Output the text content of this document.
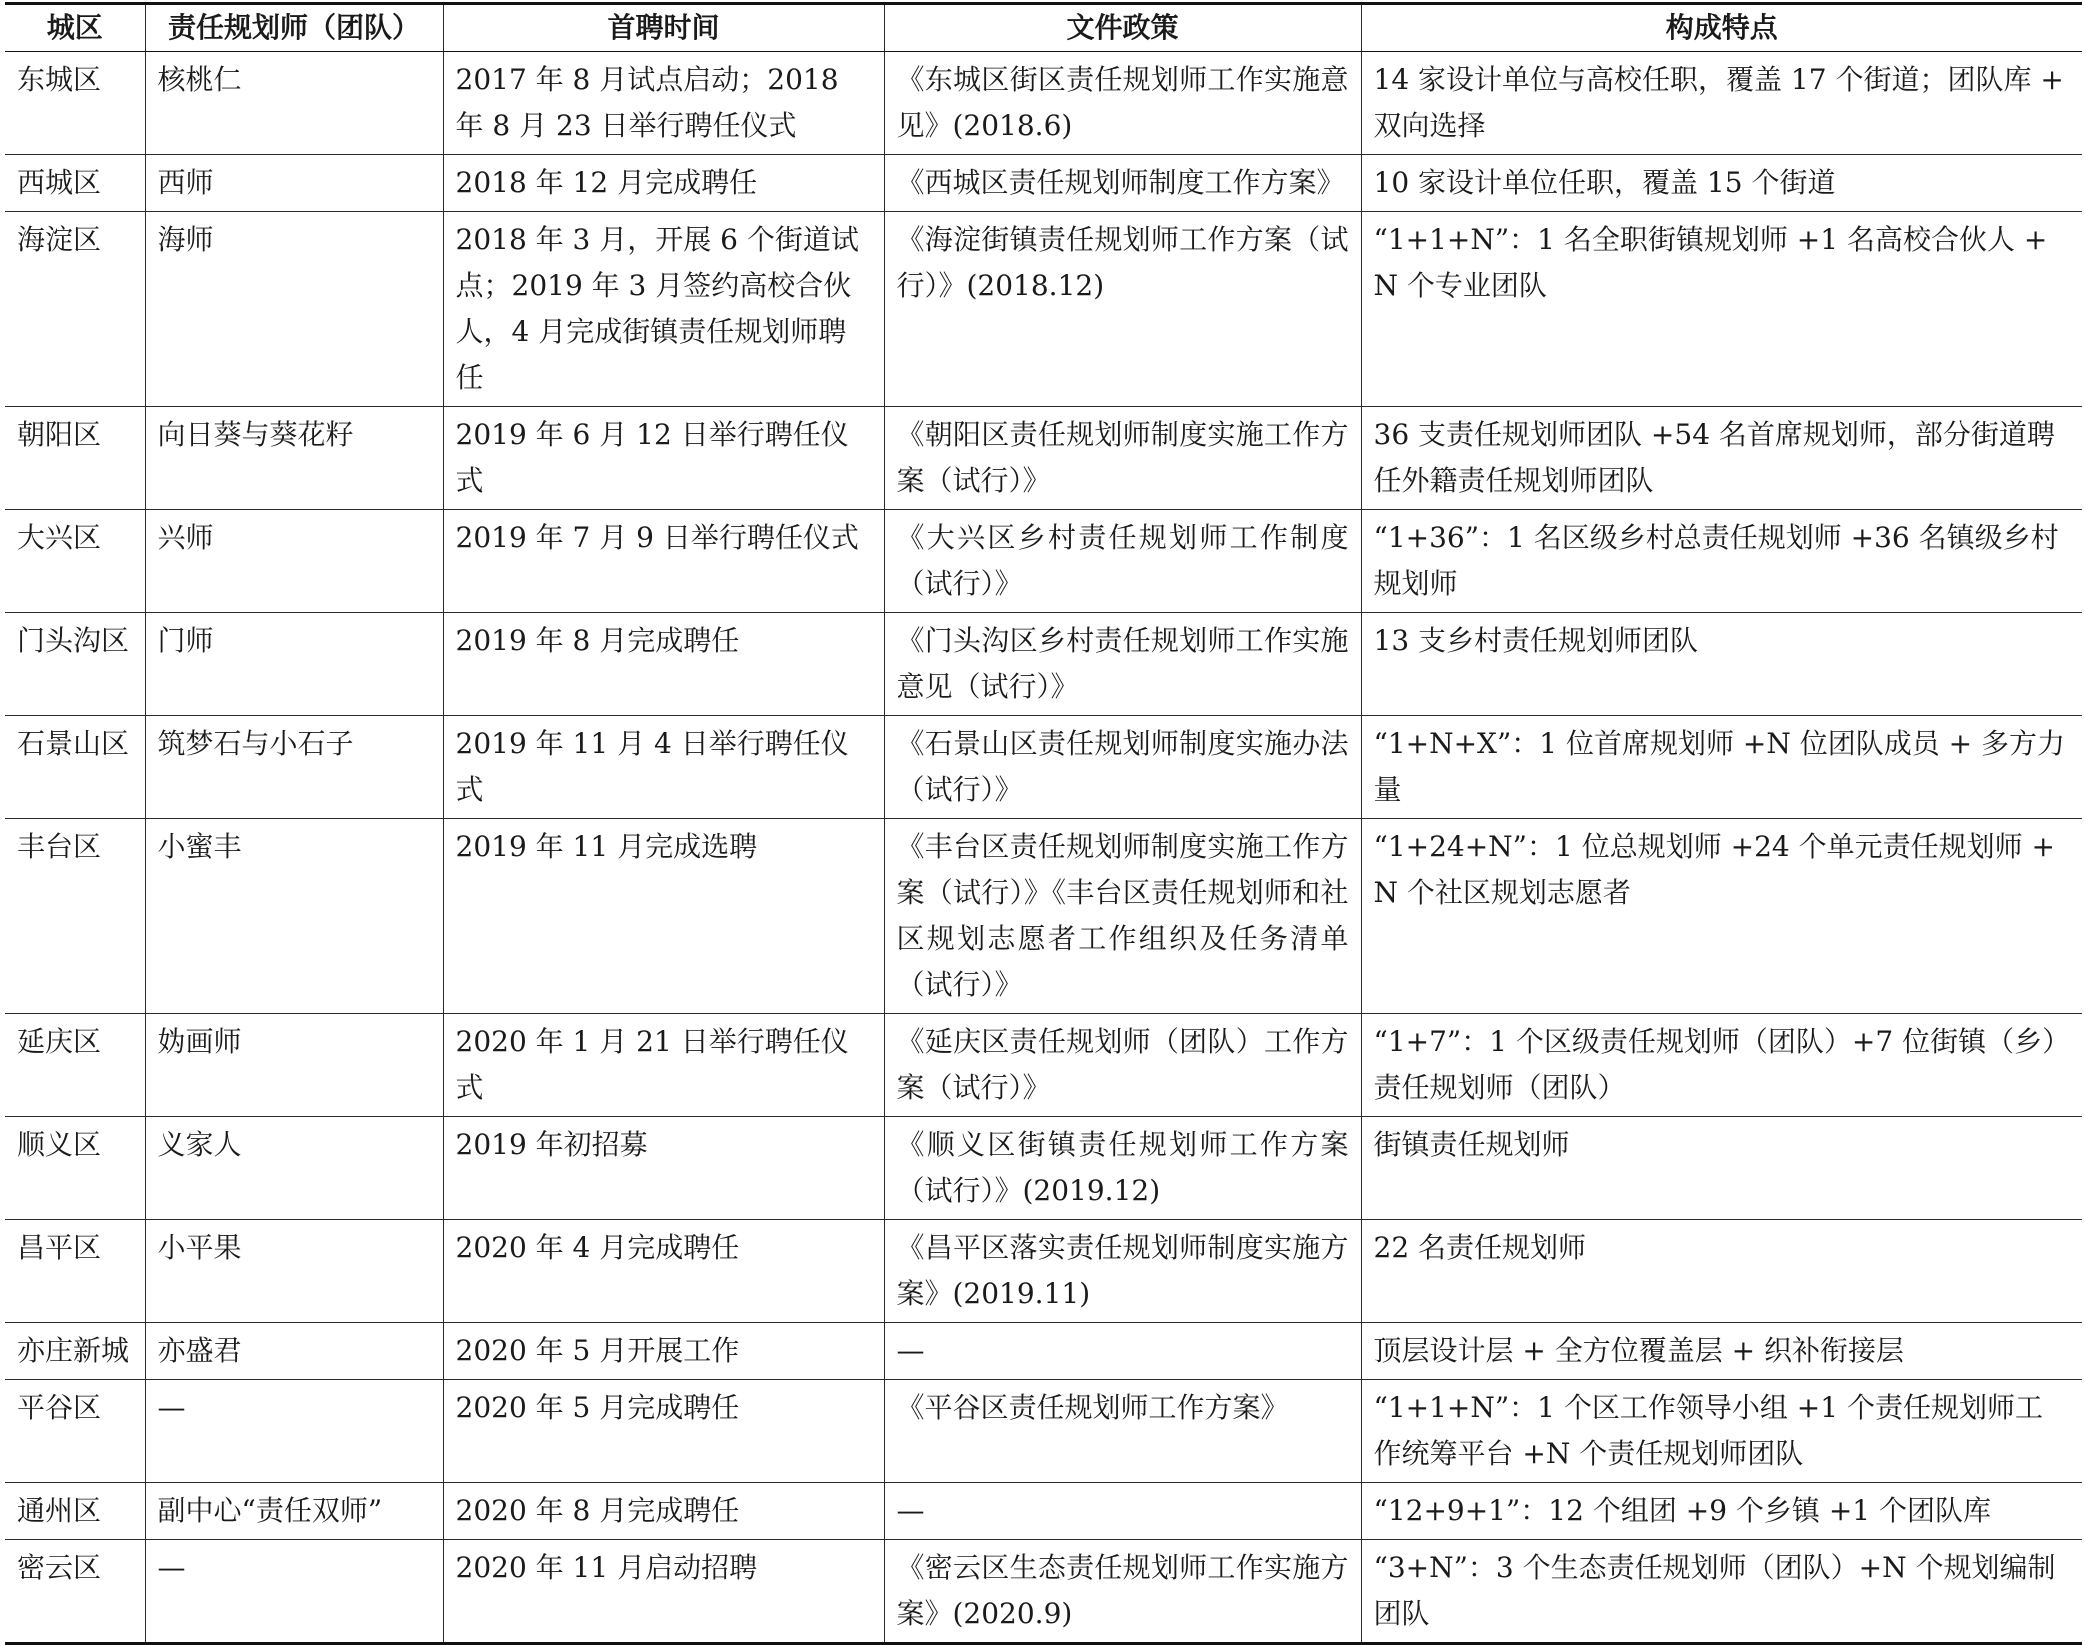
城区	责任规划师（团队）	首聘时间	文件政策	构成特点
东城区	核桃仁	2017 年 8 月试点启动；2018 年 8 月 23 日举行聘任仪式	《东城区街区责任规划师工作实施意见》(2018.6)	14 家设计单位与高校任职，覆盖 17 个街道；团队库 + 双向选择
西城区	西师	2018 年 12 月完成聘任	《西城区责任规划师制度工作方案》	10 家设计单位任职，覆盖 15 个街道
海淀区	海师	2018 年 3 月，开展 6 个街道试点；2019 年 3 月签约高校合伙人，4 月完成街镇责任规划师聘任	《海淀街镇责任规划师工作方案（试行）》(2018.12)	“1+1+N”：1 名全职街镇规划师 +1 名高校合伙人 +N 个专业团队
朝阳区	向日葵与葵花籽	2019 年 6 月 12 日举行聘任仪式	《朝阳区责任规划师制度实施工作方案（试行）》	36 支责任规划师团队 +54 名首席规划师，部分街道聘任外籍责任规划师团队
大兴区	兴师	2019 年 7 月 9 日举行聘任仪式	《大兴区乡村责任规划师工作制度（试行）》	“1+36”：1 名区级乡村总责任规划师 +36 名镇级乡村规划师
门头沟区	门师	2019 年 8 月完成聘任	《门头沟区乡村责任规划师工作实施意见（试行）》	13 支乡村责任规划师团队
石景山区	筑梦石与小石子	2019 年 11 月 4 日举行聘任仪式	《石景山区责任规划师制度实施办法（试行）》	“1+N+X”：1 位首席规划师 +N 位团队成员 + 多方力量
丰台区	小蜜丰	2019 年 11 月完成选聘	《丰台区责任规划师制度实施工作方案（试行）》《丰台区责任规划师和社区规划志愿者工作组织及任务清单（试行）》	“1+24+N”：1 位总规划师 +24 个单元责任规划师 +N 个社区规划志愿者
延庆区	妫画师	2020 年 1 月 21 日举行聘任仪式	《延庆区责任规划师（团队）工作方案（试行）》	“1+7”：1 个区级责任规划师（团队）+7 位街镇（乡）责任规划师（团队）
顺义区	义家人	2019 年初招募	《顺义区街镇责任规划师工作方案（试行）》(2019.12)	街镇责任规划师
昌平区	小平果	2020 年 4 月完成聘任	《昌平区落实责任规划师制度实施方案》(2019.11)	22 名责任规划师
亦庄新城	亦盛君	2020 年 5 月开展工作	—	顶层设计层 + 全方位覆盖层 + 织补衔接层
平谷区	—	2020 年 5 月完成聘任	《平谷区责任规划师工作方案》	“1+1+N”：1 个区工作领导小组 +1 个责任规划师工作统筹平台 +N 个责任规划师团队
通州区	副中心“责任双师”	2020 年 8 月完成聘任	—	“12+9+1”：12 个组团 +9 个乡镇 +1 个团队库
密云区	—	2020 年 11 月启动招聘	《密云区生态责任规划师工作实施方案》(2020.9)	“3+N”：3 个生态责任规划师（团队）+N 个规划编制团队
